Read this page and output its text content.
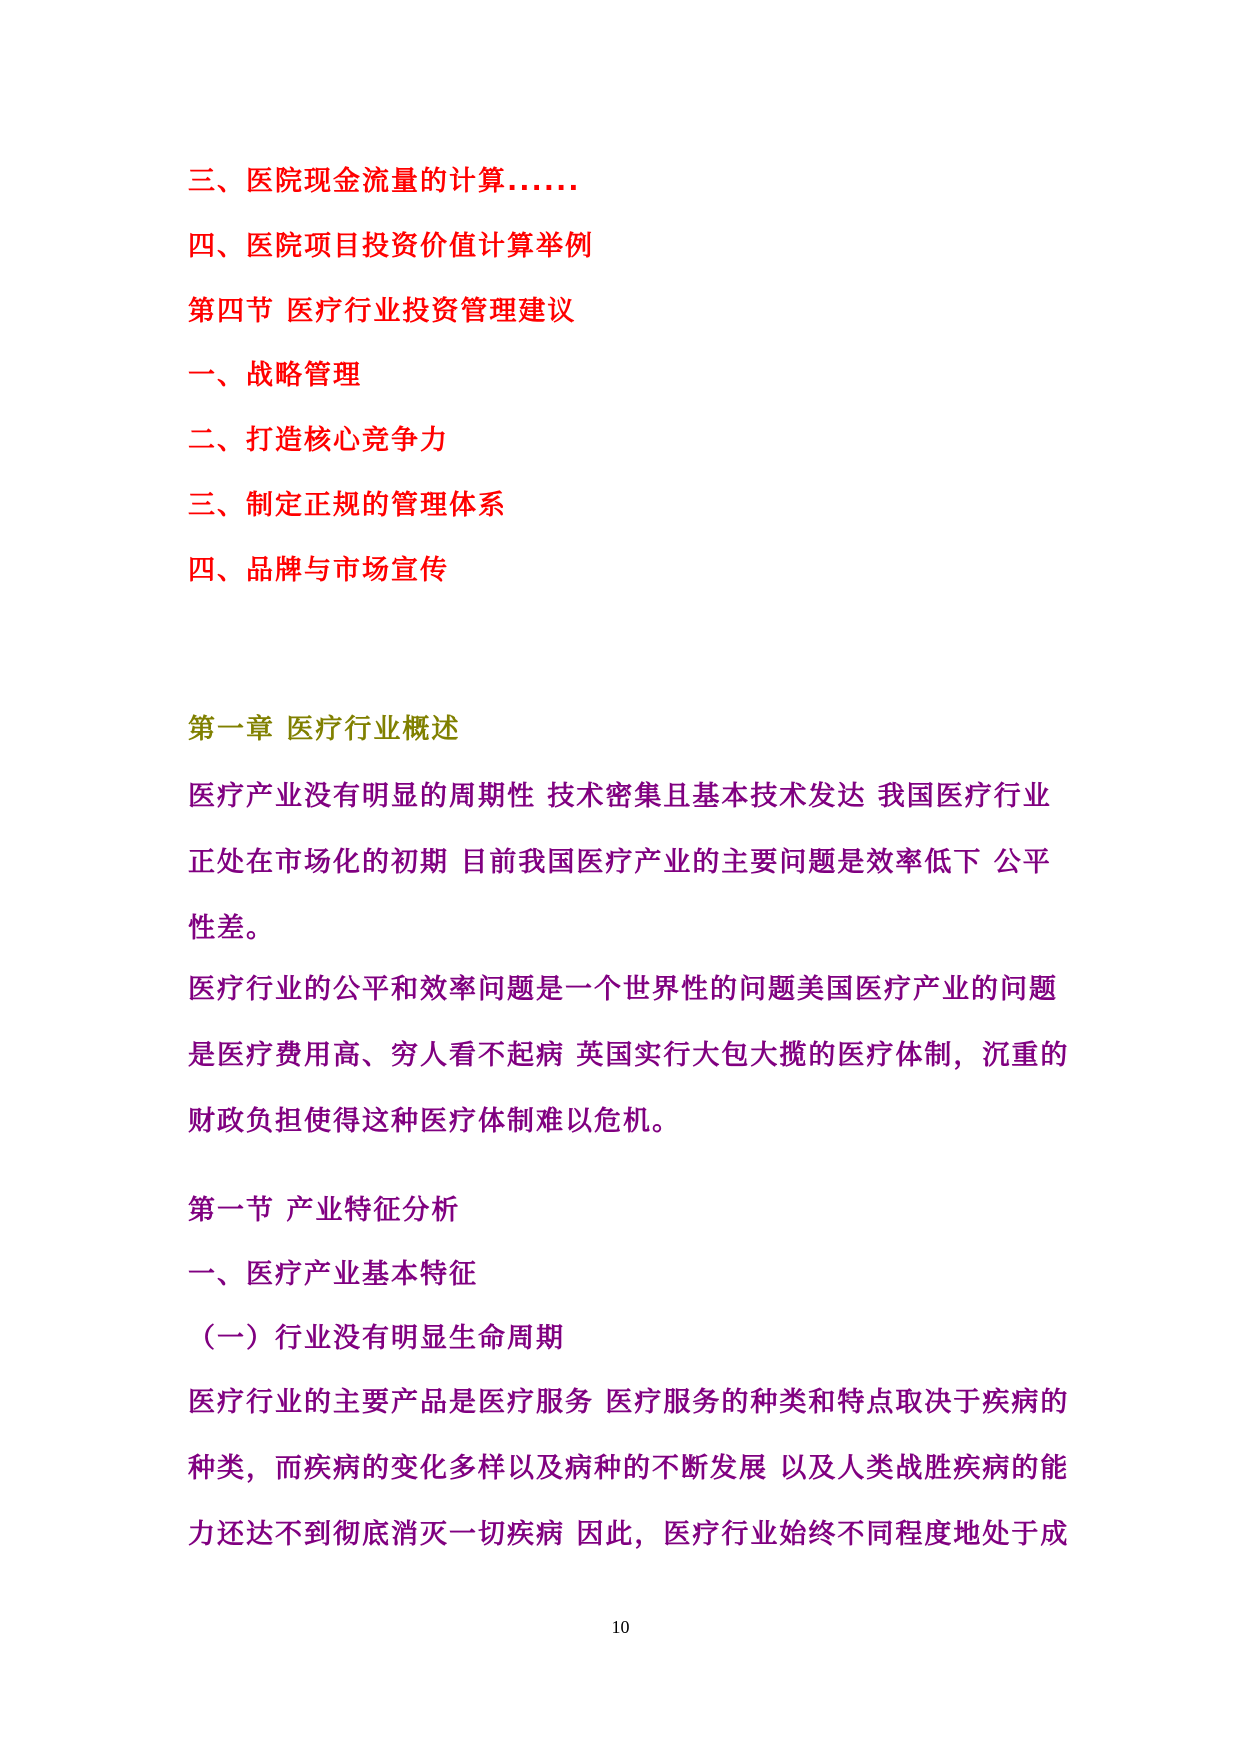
三、医院现金流量的计算......
四、医院项目投资价值计算举例
第四节 医疗行业投资管理建议
一、战略管理
二、打造核心竞争力
三、制定正规的管理体系
四、品牌与市场宣传
第一章 医疗行业概述
医疗产业没有明显的周期性 技术密集且基本技术发达 我国医疗行业
正处在市场化的初期 目前我国医疗产业的主要问题是效率低下 公平
性差。
医疗行业的公平和效率问题是一个世界性的问题美国医疗产业的问题
是医疗费用高、穷人看不起病 英国实行大包大揽的医疗体制，沉重的
财政负担使得这种医疗体制难以危机。
第一节 产业特征分析
一、医疗产业基本特征
（一）行业没有明显生命周期
医疗行业的主要产品是医疗服务 医疗服务的种类和特点取决于疾病的
种类，而疾病的变化多样以及病种的不断发展 以及人类战胜疾病的能
力还达不到彻底消灭一切疾病 因此，医疗行业始终不同程度地处于成
10
